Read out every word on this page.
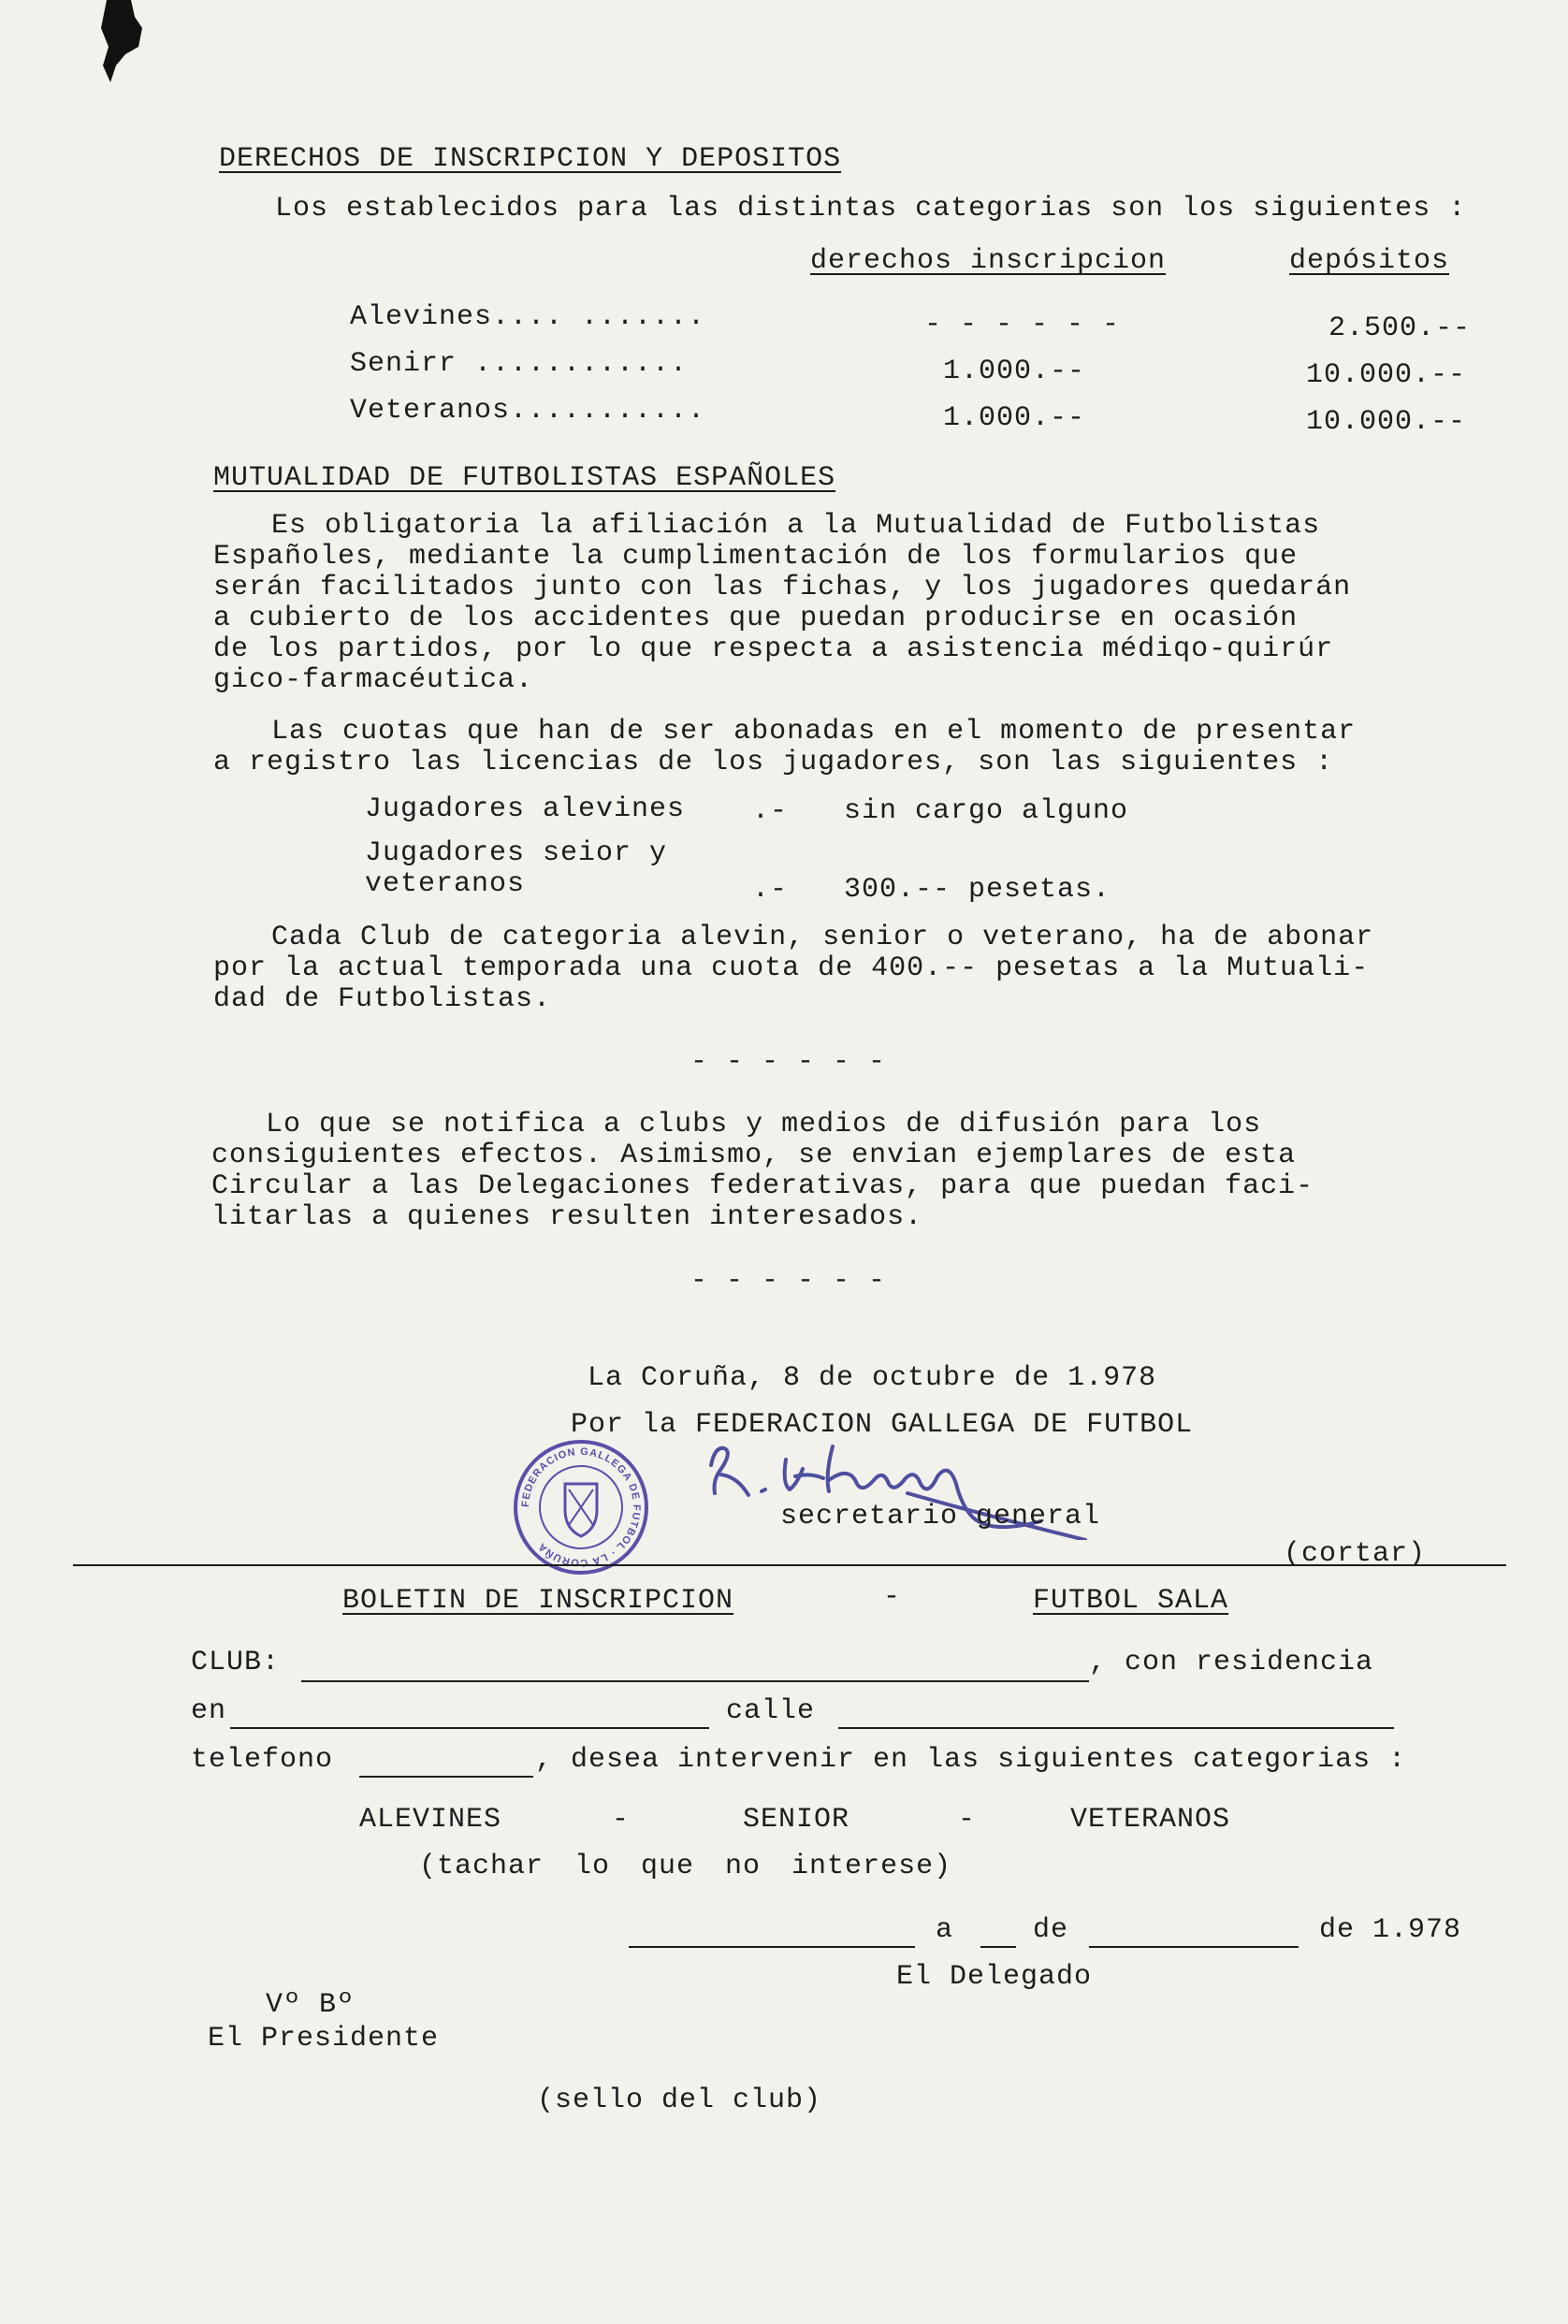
DERECHOS DE INSCRIPCION Y DEPOSITOS
Los establecidos para las distintas categorias son los siguientes :
derechos inscripcion	depósitos
Alevines.... .......	- - - - - -	2.500.--
Senirr ............	1.000.--	10.000.--
Veteranos...........	1.000.--	10.000.--
MUTUALIDAD DE FUTBOLISTAS ESPAÑOLES
Es obligatoria la afiliación a la Mutualidad de Futbolistas
Españoles, mediante la cumplimentación de los formularios que
serán facilitados junto con las fichas, y los jugadores quedarán
a cubierto de los accidentes que puedan producirse en ocasión
de los partidos, por lo que respecta a asistencia médiqo-quirúr
gico-farmacéutica.
Las cuotas que han de ser abonadas en el momento de presentar
a registro las licencias de los jugadores, son las siguientes :
Jugadores alevines .- sin cargo alguno
Jugadores seior y
veteranos	.- 300.-- pesetas.
Cada Club de categoria alevin, senior o veterano, ha de abonar
por la actual temporada una cuota de 400.-- pesetas a la Mutuali-
dad de Futbolistas.
- - - - - -
Lo que se notifica a clubs y medios de difusión para los
consiguientes efectos. Asimismo, se envian ejemplares de esta
Circular a las Delegaciones federativas, para que puedan faci-
litarlas a quienes resulten interesados.
- - - - - -
La Coruña, 8 de octubre de 1.978
Por la FEDERACION GALLEGA DE FUTBOL
FEDERACION GALLEGA DE FUTBOL · LA CORUÑA
secretario general
(cortar)
BOLETIN DE INSCRIPCION	-	FUTBOL SALA
CLUB:	, con residencia
en	calle
telefono	, desea intervenir en las siguientes categorias :
ALEVINES	-	SENIOR	-	VETERANOS
(tachar lo que no interese)
a	de	de 1.978
El Delegado
Vº Bº
El Presidente
(sello del club)
